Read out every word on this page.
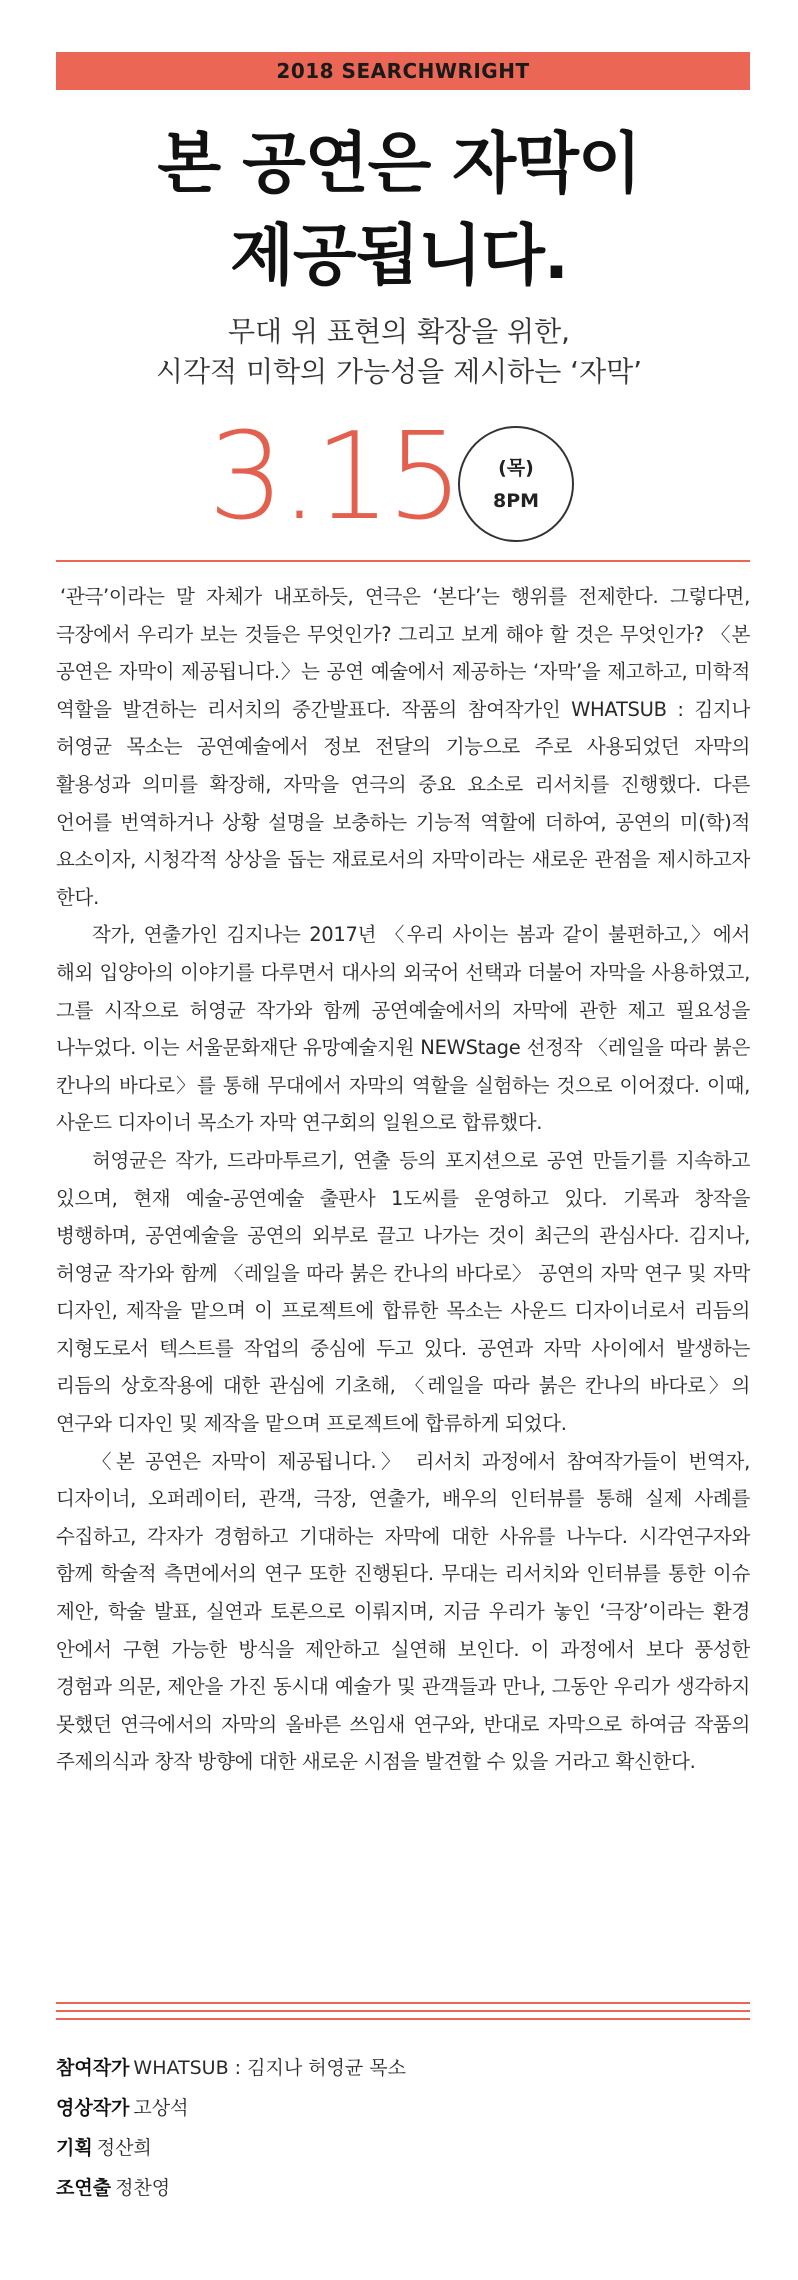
2018 SEARCHWRIGHT
본 공연은 자막이
제공됩니다.
무대 위 표현의 확장을 위한,
시각적 미학의 가능성을 제시하는 ‘자막’
3.15	(목)
8PM

‘관극’이라는 말 자체가 내포하듯, 연극은 ‘본다’는 행위를 전제한다. 그렇다면, 극장에서 우리가 보는 것들은 무엇인가? 그리고 보게 해야 할 것은 무엇인가? 〈본 공연은 자막이 제공됩니다.〉는 공연 예술에서 제공하는 ‘자막’을 제고하고, 미학적 역할을 발견하는 리서치의 중간발표다. 작품의 참여작가인 WHATSUB : 김지나 허영균 목소는 공연예술에서 정보 전달의 기능으로 주로 사용되었던 자막의 활용성과 의미를 확장해, 자막을 연극의 중요 요소로 리서치를 진행했다. 다른 언어를 번역하거나 상황 설명을 보충하는 기능적 역할에 더하여, 공연의 미(학)적 요소이자, 시청각적 상상을 돕는 재료로서의 자막이라는 새로운 관점을 제시하고자 한다.

작가, 연출가인 김지나는 2017년 〈우리 사이는 봄과 같이 불편하고,〉에서 해외 입양아의 이야기를 다루면서 대사의 외국어 선택과 더불어 자막을 사용하였고, 그를 시작으로 허영균 작가와 함께 공연예술에서의 자막에 관한 제고 필요성을 나누었다. 이는 서울문화재단 유망예술지원 NEWStage 선정작 〈레일을 따라 붉은 칸나의 바다로〉를 통해 무대에서 자막의 역할을 실험하는 것으로 이어졌다. 이때, 사운드 디자이너 목소가 자막 연구회의 일원으로 합류했다.

허영균은 작가, 드라마투르기, 연출 등의 포지션으로 공연 만들기를 지속하고 있으며, 현재 예술-공연예술 출판사 1도씨를 운영하고 있다. 기록과 창작을 병행하며, 공연예술을 공연의 외부로 끌고 나가는 것이 최근의 관심사다. 김지나, 허영균 작가와 함께 〈레일을 따라 붉은 칸나의 바다로〉 공연의 자막 연구 및 자막 디자인, 제작을 맡으며 이 프로젝트에 합류한 목소는 사운드 디자이너로서 리듬의 지형도로서 텍스트를 작업의 중심에 두고 있다. 공연과 자막 사이에서 발생하는 리듬의 상호작용에 대한 관심에 기초해, 〈레일을 따라 붉은 칸나의 바다로〉의 연구와 디자인 및 제작을 맡으며 프로젝트에 합류하게 되었다.

〈본 공연은 자막이 제공됩니다.〉 리서치 과정에서 참여작가들이 번역자, 디자이너, 오퍼레이터, 관객, 극장, 연출가, 배우의 인터뷰를 통해 실제 사례를 수집하고, 각자가 경험하고 기대하는 자막에 대한 사유를 나누다. 시각연구자와 함께 학술적 측면에서의 연구 또한 진행된다. 무대는 리서치와 인터뷰를 통한 이슈 제안, 학술 발표, 실연과 토론으로 이뤄지며, 지금 우리가 놓인 ‘극장’이라는 환경 안에서 구현 가능한 방식을 제안하고 실연해 보인다. 이 과정에서 보다 풍성한 경험과 의문, 제안을 가진 동시대 예술가 및 관객들과 만나, 그동안 우리가 생각하지 못했던 연극에서의 자막의 올바른 쓰임새 연구와, 반대로 자막으로 하여금 작품의 주제의식과 창작 방향에 대한 새로운 시점을 발견할 수 있을 거라고 확신한다.

참여작가 WHATSUB : 김지나 허영균 목소
영상작가 고상석
기획 정산희
조연출 정찬영
